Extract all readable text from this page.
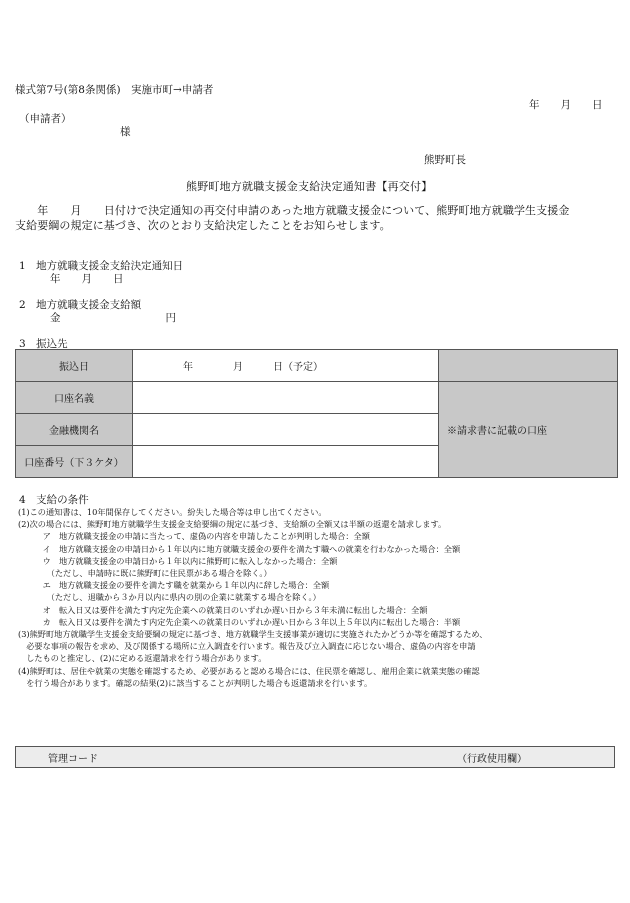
様式第7号(第8条関係)　実施市町→申請者
年　　月　　日
（申請者）
様
熊野町長
熊野町地方就職支援金支給決定通知書【再交付】
　　年　　月　　日付けで決定通知の再交付申請のあった地方就職支援金について、熊野町地方就職学生支援金
支給要綱の規定に基づき、次のとおり支給決定したことをお知らせします。
1　地方就職支援金支給決定通知日
年　　月　　日
2　地方就職支援金支給額
金　　　　　　　　　　円
3　振込先
振込日	年　　　　月　　　日（予定）	
口座名義		※請求書に記載の口座
金融機関名		
口座番号（下３ケタ）		
4　支給の条件
(1)この通知書は、10年間保存してください。紛失した場合等は申し出てください。
(2)次の場合には、熊野町地方就職学生支援金支給要綱の規定に基づき、支給額の全額又は半額の返還を請求します。
　　　ア　地方就職支援金の申請に当たって、虚偽の内容を申請したことが判明した場合：全額
　　　イ　地方就職支援金の申請日から１年以内に地方就職支援金の要件を満たす職への就業を行わなかった場合：全額
　　　ウ　地方就職支援金の申請日から１年以内に熊野町に転入しなかった場合：全額
　　　　（ただし、申請時に既に熊野町に住民票がある場合を除く。）
　　　エ　地方就職支援金の要件を満たす職を就業から１年以内に辞した場合：全額
　　　　（ただし、退職から３か月以内に県内の別の企業に就業する場合を除く。）
　　　オ　転入日又は要件を満たす内定先企業への就業日のいずれか遅い日から３年未満に転出した場合：全額
　　　カ　転入日又は要件を満たす内定先企業への就業日のいずれか遅い日から３年以上５年以内に転出した場合：半額
(3)熊野町地方就職学生支援金支給要綱の規定に基づき、地方就職学生支援事業が適切に実施されたかどうか等を確認するため、
　必要な事項の報告を求め、及び関係する場所に立入調査を行います。報告及び立入調査に応じない場合、虚偽の内容を申請
　したものと推定し、(2)に定める返還請求を行う場合があります。
(4)熊野町は、居住や就業の実態を確認するため、必要があると認める場合には、住民票を確認し、雇用企業に就業実態の確認
　を行う場合があります。確認の結果(2)に該当することが判明した場合も返還請求を行います。
管理コード	（行政使用欄）
